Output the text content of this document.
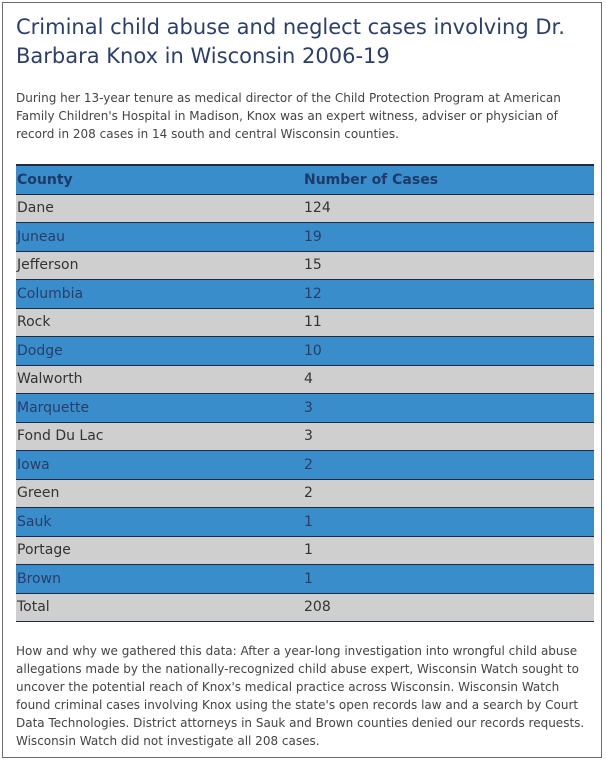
Criminal child abuse and neglect cases involving Dr. Barbara Knox in Wisconsin 2006-19

During her 13-year tenure as medical director of the Child Protection Program at American Family Children's Hospital in Madison, Knox was an expert witness, adviser or physician of record in 208 cases in 14 south and central Wisconsin counties.

County	Number of Cases
Dane	124
Juneau	19
Jefferson	15
Columbia	12
Rock	11
Dodge	10
Walworth	4
Marquette	3
Fond Du Lac	3
Iowa	2
Green	2
Sauk	1
Portage	1
Brown	1
Total	208

How and why we gathered this data: After a year-long investigation into wrongful child abuse allegations made by the nationally-recognized child abuse expert, Wisconsin Watch sought to uncover the potential reach of Knox's medical practice across Wisconsin. Wisconsin Watch found criminal cases involving Knox using the state's open records law and a search by Court Data Technologies. District attorneys in Sauk and Brown counties denied our records requests. Wisconsin Watch did not investigate all 208 cases.
